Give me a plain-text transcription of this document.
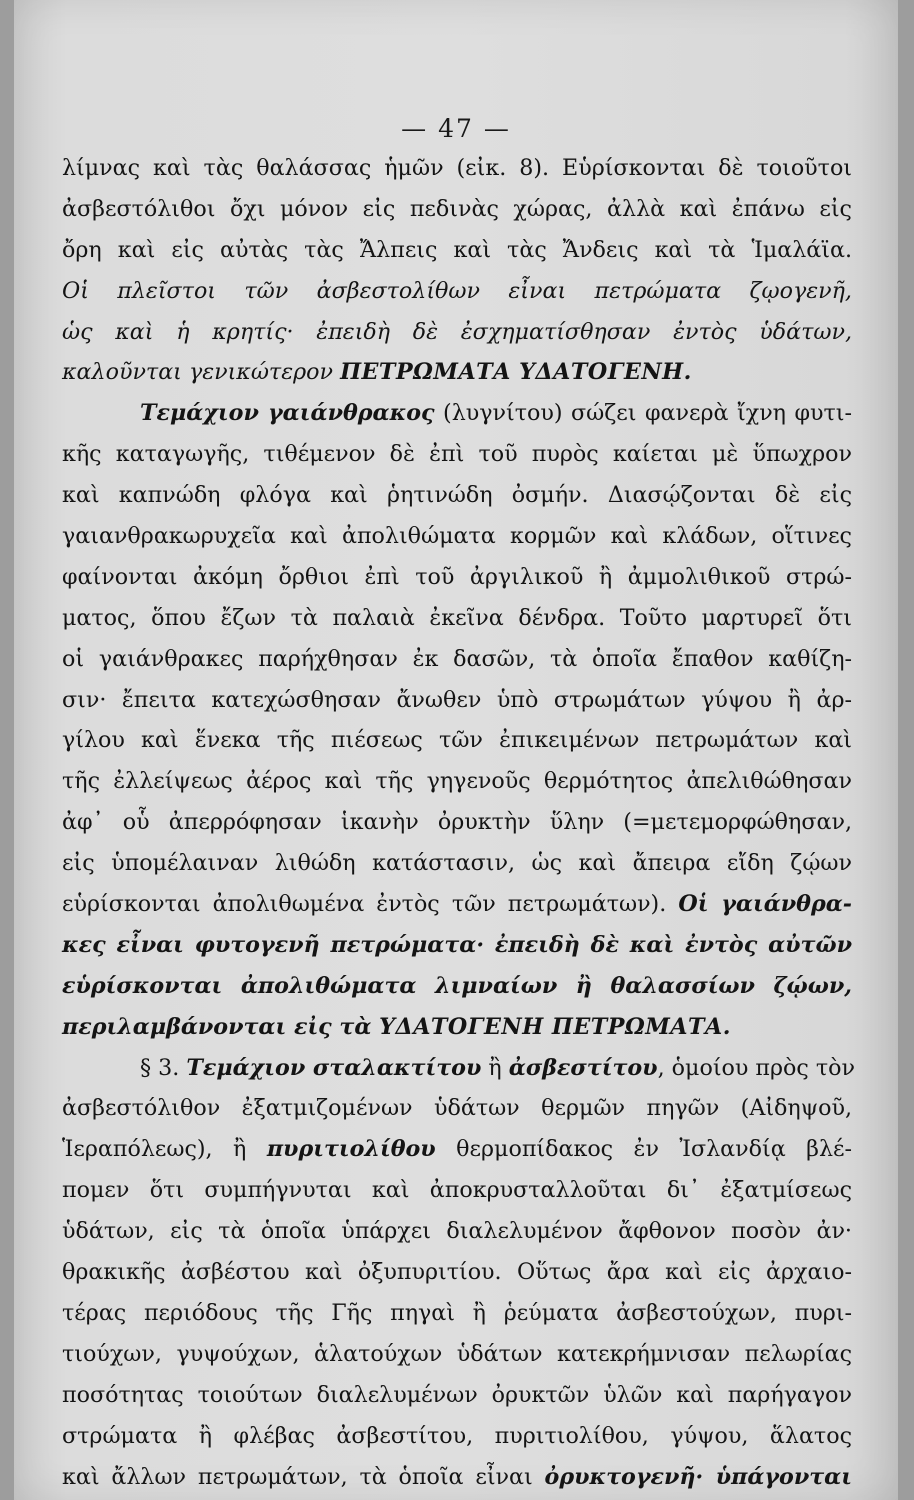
— 47 —
λίμνας καὶ τὰς θαλάσσας ἡμῶν (εἰκ. 8). Εὑρίσκονται δὲ τοιοῦτοι
ἀσβεστόλιθοι ὄχι μόνον εἰς πεδινὰς χώρας, ἀλλὰ καὶ ἐπάνω εἰς
ὄρη καὶ εἰς αὐτὰς τὰς Ἄλπεις καὶ τὰς Ἄνδεις καὶ τὰ Ἱμαλάϊα.
Οἱ πλεῖστοι τῶν ἀσβεστολίθων εἶναι πετρώματα ζῳογενῆ,
ὡς καὶ ἡ κρητίς· ἐπειδὴ δὲ ἐσχηματίσθησαν ἐντὸς ὑδάτων,
καλοῦνται γενικώτερον ΠΕΤΡΩΜΑΤΑ ΥΔΑΤΟΓΕΝΗ.
Τεμάχιον γαιάνθρακος (λυγνίτου) σώζει φανερὰ ἴχνη φυτι-
κῆς καταγωγῆς, τιθέμενον δὲ ἐπὶ τοῦ πυρὸς καίεται μὲ ὕπωχρον
καὶ καπνώδη φλόγα καὶ ῥητινώδη ὀσμήν. Διασῴζονται δὲ εἰς
γαιανθρακωρυχεῖα καὶ ἀπολιθώματα κορμῶν καὶ κλάδων, οἵτινες
φαίνονται ἀκόμη ὄρθιοι ἐπὶ τοῦ ἀργιλικοῦ ἢ ἀμμολιθικοῦ στρώ-
ματος, ὅπου ἔζων τὰ παλαιὰ ἐκεῖνα δένδρα. Τοῦτο μαρτυρεῖ ὅτι
οἱ γαιάνθρακες παρήχθησαν ἐκ δασῶν, τὰ ὁποῖα ἔπαθον καθίζη-
σιν· ἔπειτα κατεχώσθησαν ἄνωθεν ὑπὸ στρωμάτων γύψου ἢ ἀρ-
γίλου καὶ ἕνεκα τῆς πιέσεως τῶν ἐπικειμένων πετρωμάτων καὶ
τῆς ἐλλείψεως ἀέρος καὶ τῆς γηγενοῦς θερμότητος ἀπελιθώθησαν
ἀφ᾽ οὗ ἀπερρόφησαν ἱκανὴν ὀρυκτὴν ὕλην (=μετεμορφώθησαν,
εἰς ὑπομέλαιναν λιθώδη κατάστασιν, ὡς καὶ ἄπειρα εἴδη ζῴων
εὑρίσκονται ἀπολιθωμένα ἐντὸς τῶν πετρωμάτων). Οἱ γαιάνθρα-
κες εἶναι φυτογενῆ πετρώματα· ἐπειδὴ δὲ καὶ ἐντὸς αὐτῶν
εὑρίσκονται ἀπολιθώματα λιμναίων ἢ θαλασσίων ζῴων,
περιλαμβάνονται εἰς τὰ ΥΔΑΤΟΓΕΝΗ ΠΕΤΡΩΜΑΤΑ.
§ 3. Τεμάχιον σταλακτίτου ἢ ἀσβεστίτου, ὁμοίου πρὸς τὸν
ἀσβεστόλιθον ἐξατμιζομένων ὑδάτων θερμῶν πηγῶν (Αἰδηψοῦ,
Ἱεραπόλεως), ἢ πυριτιολίθου θερμοπίδακος ἐν Ἰσλανδίᾳ βλέ-
πομεν ὅτι συμπήγνυται καὶ ἀποκρυσταλλοῦται δι᾽ ἐξατμίσεως
ὑδάτων, εἰς τὰ ὁποῖα ὑπάρχει διαλελυμένον ἄφθονον ποσὸν ἀν·
θρακικῆς ἀσβέστου καὶ ὀξυπυριτίου. Οὕτως ἄρα καὶ εἰς ἀρχαιο-
τέρας περιόδους τῆς Γῆς πηγαὶ ἢ ῥεύματα ἀσβεστούχων, πυρι-
τιούχων, γυψούχων, ἁλατούχων ὑδάτων κατεκρήμνισαν πελωρίας
ποσότητας τοιούτων διαλελυμένων ὀρυκτῶν ὑλῶν καὶ παρήγαγον
στρώματα ἢ φλέβας ἀσβεστίτου, πυριτιολίθου, γύψου, ἅλατος
καὶ ἄλλων πετρωμάτων, τὰ ὁποῖα εἶναι ὀρυκτογενῆ· ὑπάγονται
